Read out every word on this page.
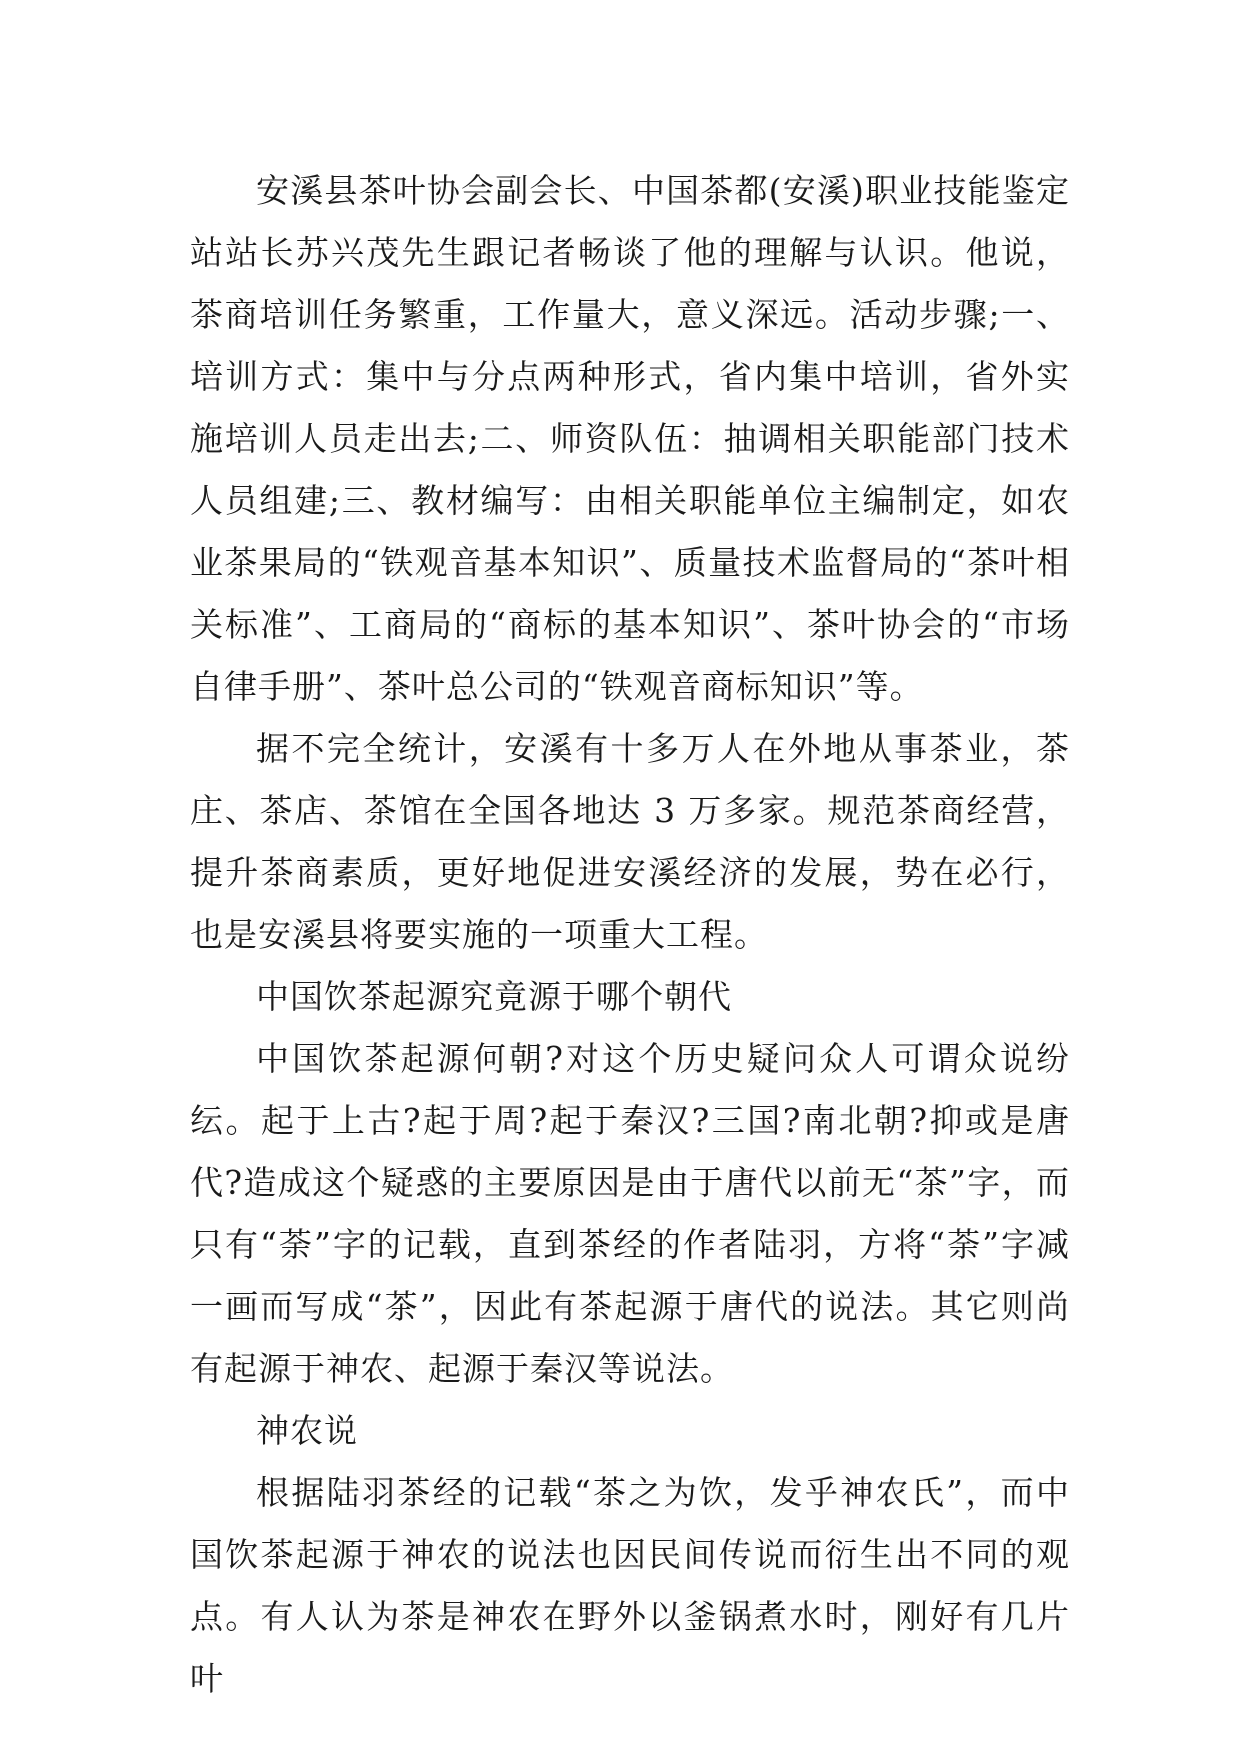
安溪县茶叶协会副会长、中国茶都(安溪)职业技能鉴定站站长苏兴茂先生跟记者畅谈了他的理解与认识。他说，茶商培训任务繁重，工作量大，意义深远。活动步骤;一、培训方式：集中与分点两种形式，省内集中培训，省外实施培训人员走出去;二、师资队伍：抽调相关职能部门技术人员组建;三、教材编写：由相关职能单位主编制定，如农业茶果局的“铁观音基本知识”、质量技术监督局的“茶叶相关标准”、工商局的“商标的基本知识”、茶叶协会的“市场自律手册”、茶叶总公司的“铁观音商标知识”等。

据不完全统计，安溪有十多万人在外地从事茶业，茶庄、茶店、茶馆在全国各地达 3 万多家。规范茶商经营，提升茶商素质，更好地促进安溪经济的发展，势在必行，也是安溪县将要实施的一项重大工程。

中国饮茶起源究竟源于哪个朝代

中国饮茶起源何朝?对这个历史疑问众人可谓众说纷纭。起于上古?起于周?起于秦汉?三国?南北朝?抑或是唐代?造成这个疑惑的主要原因是由于唐代以前无“茶”字，而只有“荼”字的记载，直到茶经的作者陆羽，方将“荼”字减一画而写成“茶”，因此有茶起源于唐代的说法。其它则尚有起源于神农、起源于秦汉等说法。

神农说

根据陆羽茶经的记载“茶之为饮，发乎神农氏”，而中国饮茶起源于神农的说法也因民间传说而衍生出不同的观点。有人认为茶是神农在野外以釜锅煮水时，刚好有几片叶
